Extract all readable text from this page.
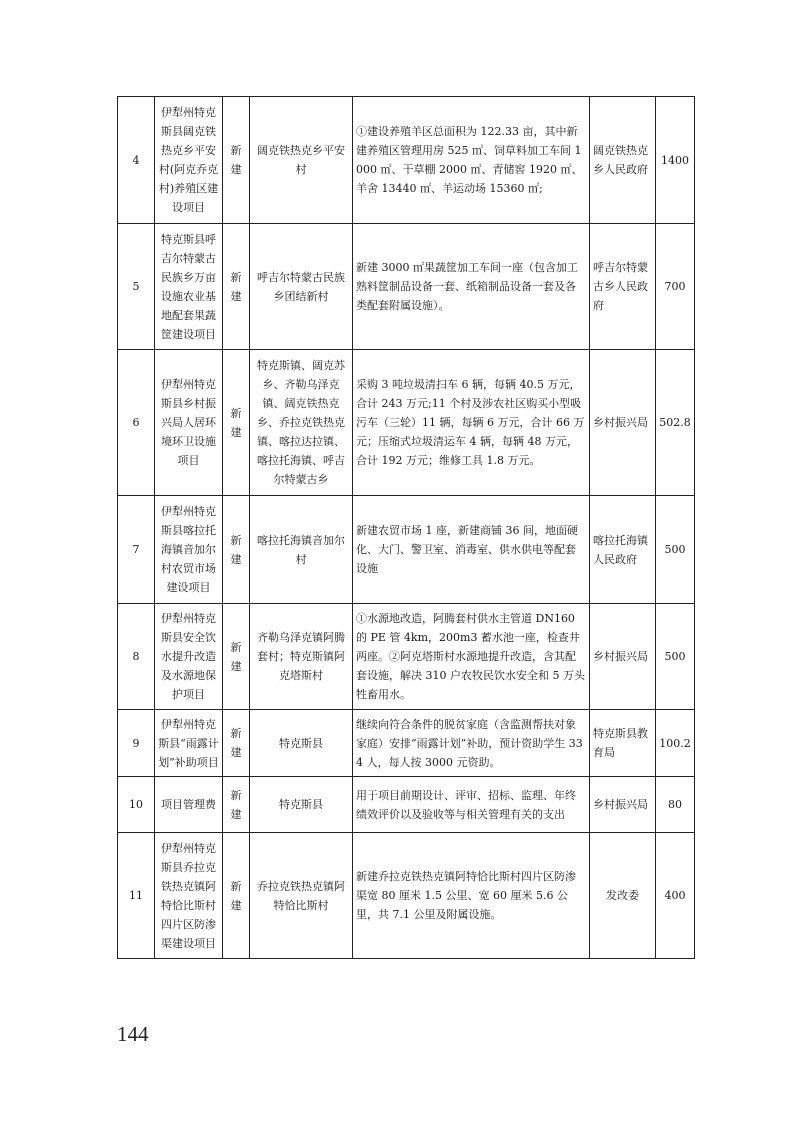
4	伊犁州特克斯县阔克铁热克乡平安村(阿克乔克村)养殖区建设项目	新建	阔克铁热克乡平安村	①建设养殖羊区总面积为 122.33 亩，其中新建养殖区管理用房 525 ㎡、饲草料加工车间 1000 ㎡、干草棚 2000 ㎡、青储窖 1920 ㎡、羊舍 13440 ㎡、羊运动场 15360 ㎡;	阔克铁热克乡人民政府	1400
5	特克斯县呼吉尔特蒙古民族乡万亩设施农业基地配套果蔬筐建设项目	新建	呼吉尔特蒙古民族乡团结新村	新建 3000 ㎡果蔬筐加工车间一座（包含加工熟料筐制品设备一套、纸箱制品设备一套及各类配套附属设施）。	呼吉尔特蒙古乡人民政府	700
6	伊犁州特克斯县乡村振兴局人居环境环卫设施项目	新建	特克斯镇、阔克苏乡、齐勒乌泽克镇、阔克铁热克乡、乔拉克铁热克镇、喀拉达拉镇、喀拉托海镇、呼吉尔特蒙古乡	采购 3 吨垃圾清扫车 6 辆，每辆 40.5 万元，合计 243 万元;11 个村及涉农社区购买小型吸污车（三轮）11 辆，每辆 6 万元，合计 66 万元；压缩式垃圾清运车 4 辆，每辆 48 万元，合计 192 万元；维修工具 1.8 万元。	乡村振兴局	502.8
7	伊犁州特克斯县喀拉托海镇音加尔村农贸市场建设项目	新建	喀拉托海镇音加尔村	新建农贸市场 1 座，新建商铺 36 间，地面硬化、大门、警卫室、消毒室、供水供电等配套设施	喀拉托海镇人民政府	500
8	伊犁州特克斯县安全饮水提升改造及水源地保护项目	新建	齐勒乌泽克镇阿腾套村；特克斯镇阿克塔斯村	①水源地改造，阿腾套村供水主管道 DN160 的 PE 管 4km，200m3 蓄水池一座，检查井两座。②阿克塔斯村水源地提升改造，含其配套设施，解决 310 户农牧民饮水安全和 5 万头牲畜用水。	乡村振兴局	500
9	伊犁州特克斯县“雨露计划”补助项目	新建	特克斯县	继续向符合条件的脱贫家庭（含监测帮扶对象家庭）安排“雨露计划”补助，预计资助学生 334 人，每人按 3000 元资助。	特克斯县教育局	100.2
10	项目管理费	新建	特克斯县	用于项目前期设计、评审、招标、监理、年终绩效评价以及验收等与相关管理有关的支出	乡村振兴局	80
11	伊犁州特克斯县乔拉克铁热克镇阿特恰比斯村四片区防渗渠建设项目	新建	乔拉克铁热克镇阿特恰比斯村	新建乔拉克铁热克镇阿特恰比斯村四片区防渗渠宽 80 厘米 1.5 公里、宽 60 厘米 5.6 公里，共 7.1 公里及附属设施。	发改委	400
144
